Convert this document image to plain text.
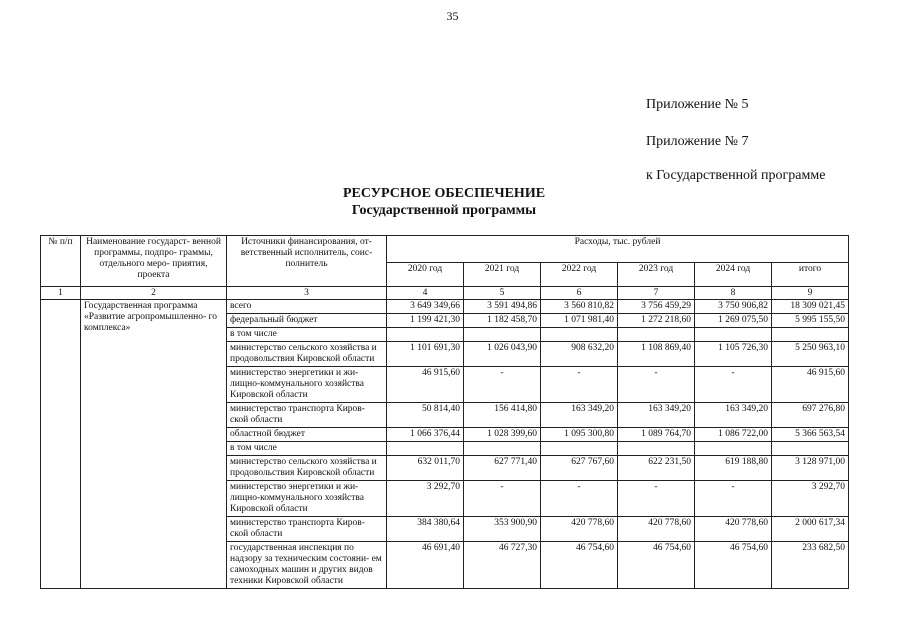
35
Приложение № 5
Приложение № 7
к Государственной программе
РЕСУРСНОЕ ОБЕСПЕЧЕНИЕ
Государственной программы
№ п/п	Наименование государст- венной программы, подпро- граммы, отдельного меро- приятия, проекта	Источники финансирования, от- ветственный исполнитель, соис- полнитель	Расходы, тыс. рублей					
			2020 год	2021 год	2022 год	2023 год	2024 год	итого
1	2	3	4	5	6	7	8	9
	Государственная программа «Развитие агропромышленно- го комплекса»	всего	3 649 349,66	3 591 494,86	3 560 810,82	3 756 459,29	3 750 906,82	18 309 021,45
		федеральный бюджет	1 199 421,30	1 182 458,70	1 071 981,40	1 272 218,60	1 269 075,50	5 995 155,50
		в том числе						
		министерство сельского хозяйства и продовольствия Кировской области	1 101 691,30	1 026 043,90	908 632,20	1 108 869,40	1 105 726,30	5 250 963,10
		министерство энергетики и жи- лищно-коммунального хозяйства Кировской области	46 915,60	-	-	-	-	46 915,60
		министерство транспорта Киров- ской области	50 814,40	156 414,80	163 349,20	163 349,20	163 349,20	697 276,80
		областной бюджет	1 066 376,44	1 028 399,60	1 095 300,80	1 089 764,70	1 086 722,00	5 366 563,54
		в том числе						
		министерство сельского хозяйства и продовольствия Кировской области	632 011,70	627 771,40	627 767,60	622 231,50	619 188,80	3 128 971,00
		министерство энергетики и жи- лищно-коммунального хозяйства Кировской области	3 292,70	-	-	-	-	3 292,70
		министерство транспорта Киров- ской области	384 380,64	353 900,90	420 778,60	420 778,60	420 778,60	2 000 617,34
		государственная инспекция по надзору за техническим состояни- ем самоходных машин и других видов техники Кировской области	46 691,40	46 727,30	46 754,60	46 754,60	46 754,60	233 682,50
